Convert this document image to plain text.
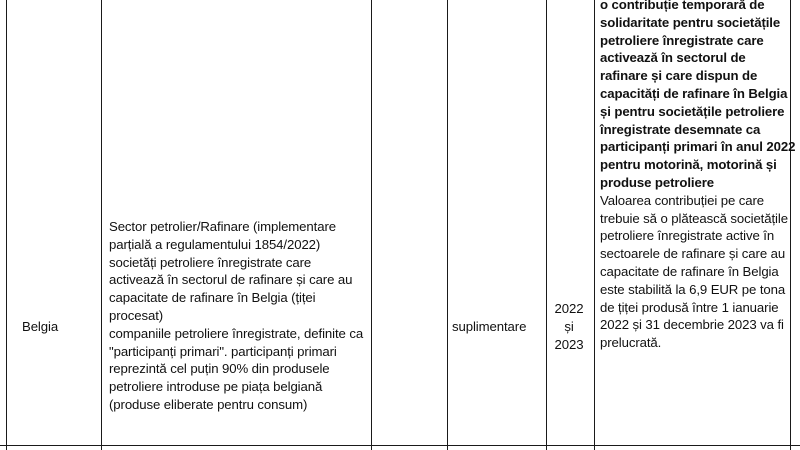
Belgia
Sector petrolier/Rafinare (implementare parțială a regulamentului 1854/2022) societăți petroliere înregistrate care activează în sectorul de rafinare și care au capacitate de rafinare în Belgia (țiței procesat)
companiile petroliere înregistrate, definite ca "participanți primari". participanți primari reprezintă cel puțin 90% din produsele petroliere introduse pe piața belgiană (produse eliberate pentru consum)
suplimentare
2022
și
2023
o contribuție temporară de solidaritate pentru societățile petroliere înregistrate care activează în sectorul de rafinare și care dispun de capacități de rafinare în Belgia și pentru societățile petroliere înregistrate desemnate ca participanți primari în anul 2022 pentru motorină, motorină și produse petroliere
Valoarea contribuției pe care trebuie să o plătească societățile petroliere înregistrate active în sectoarele de rafinare și care au capacitate de rafinare în Belgia este stabilită la 6,9 EUR pe tona de țiței produsă între 1 ianuarie 2022 și 31 decembrie 2023 va fi prelucrată.
